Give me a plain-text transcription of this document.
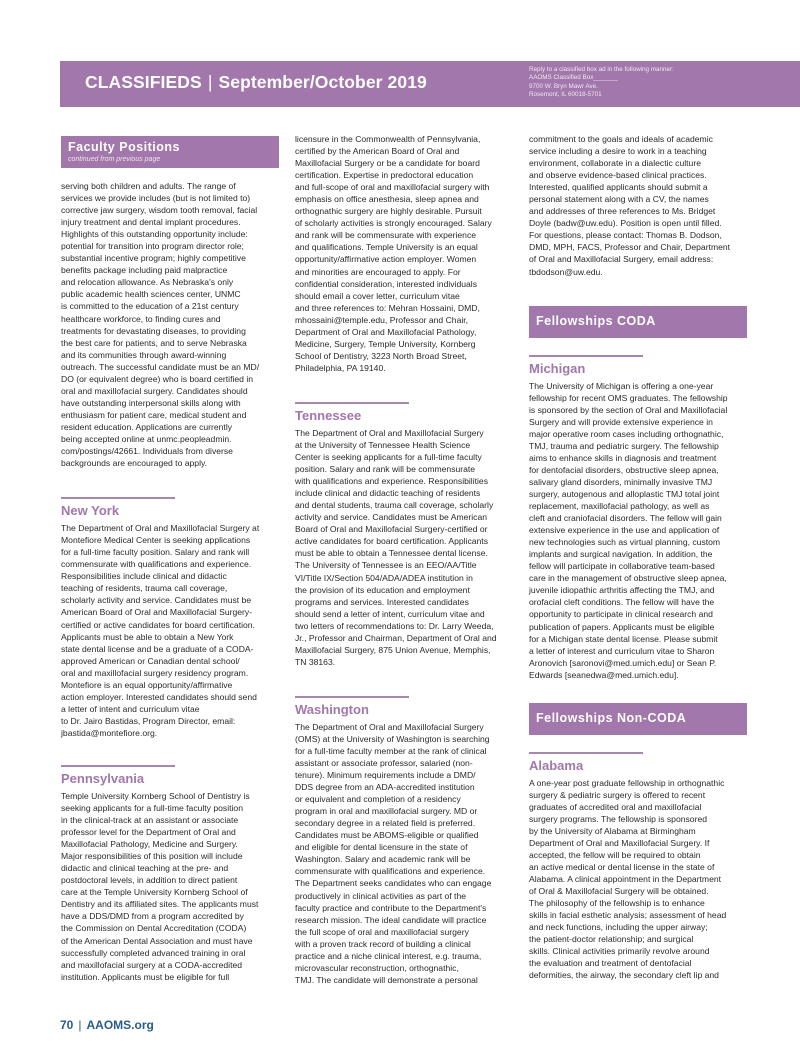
CLASSIFIEDS | September/October 2019
Reply to a classified box ad in the following manner:
AAOMS Classified Box_______
9700 W. Bryn Mawr Ave.
Rosemont, IL 60018-5701
Faculty Positions
continued from previous page

serving both children and adults. The range of
services we provide includes (but is not limited to)
corrective jaw surgery, wisdom tooth removal, facial
injury treatment and dental implant procedures.
Highlights of this outstanding opportunity include:
potential for transition into program director role;
substantial incentive program; highly competitive
benefits package including paid malpractice
and relocation allowance. As Nebraska's only
public academic health sciences center, UNMC
is committed to the education of a 21st century
healthcare workforce, to finding cures and
treatments for devastating diseases, to providing
the best care for patients, and to serve Nebraska
and its communities through award-winning
outreach. The successful candidate must be an MD/
DO (or equivalent degree) who is board certified in
oral and maxillofacial surgery. Candidates should
have outstanding interpersonal skills along with
enthusiasm for patient care, medical student and
resident education. Applications are currently
being accepted online at unmc.peopleadmin.
com/postings/42661. Individuals from diverse
backgrounds are encouraged to apply.

New York

The Department of Oral and Maxillofacial Surgery at
Montefiore Medical Center is seeking applications
for a full-time faculty position. Salary and rank will
commensurate with qualifications and experience.
Responsibilities include clinical and didactic
teaching of residents, trauma call coverage,
scholarly activity and service. Candidates must be
American Board of Oral and Maxillofacial Surgery-
certified or active candidates for board certification.
Applicants must be able to obtain a New York
state dental license and be a graduate of a CODA-
approved American or Canadian dental school/
oral and maxillofacial surgery residency program.
Montefiore is an equal opportunity/affirmative
action employer. Interested candidates should send
a letter of intent and curriculum vitae
to Dr. Jairo Bastidas, Program Director, email:
jbastida@montefiore.org.

Pennsylvania

Temple University Kornberg School of Dentistry is
seeking applicants for a full-time faculty position
in the clinical-track at an assistant or associate
professor level for the Department of Oral and
Maxillofacial Pathology, Medicine and Surgery.
Major responsibilities of this position will include
didactic and clinical teaching at the pre- and
postdoctoral levels, in addition to direct patient
care at the Temple University Kornberg School of
Dentistry and its affiliated sites. The applicants must
have a DDS/DMD from a program accredited by
the Commission on Dental Accreditation (CODA)
of the American Dental Association and must have
successfully completed advanced training in oral
and maxillofacial surgery at a CODA-accredited
institution. Applicants must be eligible for full

licensure in the Commonwealth of Pennsylvania,
certified by the American Board of Oral and
Maxillofacial Surgery or be a candidate for board
certification. Expertise in predoctoral education
and full-scope of oral and maxillofacial surgery with
emphasis on office anesthesia, sleep apnea and
orthognathic surgery are highly desirable. Pursuit
of scholarly activities is strongly encouraged. Salary
and rank will be commensurate with experience
and qualifications. Temple University is an equal
opportunity/affirmative action employer. Women
and minorities are encouraged to apply. For
confidential consideration, interested individuals
should email a cover letter, curriculum vitae
and three references to: Mehran Hossaini, DMD,
mhossaini@temple.edu, Professor and Chair,
Department of Oral and Maxillofacial Pathology,
Medicine, Surgery, Temple University, Kornberg
School of Dentistry, 3223 North Broad Street,
Philadelphia, PA 19140.

Tennessee

The Department of Oral and Maxillofacial Surgery
at the University of Tennessee Health Science
Center is seeking applicants for a full-time faculty
position. Salary and rank will be commensurate
with qualifications and experience. Responsibilities
include clinical and didactic teaching of residents
and dental students, trauma call coverage, scholarly
activity and service. Candidates must be American
Board of Oral and Maxillofacial Surgery-certified or
active candidates for board certification. Applicants
must be able to obtain a Tennessee dental license.
The University of Tennessee is an EEO/AA/Title
VI/Title IX/Section 504/ADA/ADEA institution in
the provision of its education and employment
programs and services. Interested candidates
should send a letter of intent, curriculum vitae and
two letters of recommendations to: Dr. Larry Weeda,
Jr., Professor and Chairman, Department of Oral and
Maxillofacial Surgery, 875 Union Avenue, Memphis,
TN 38163.

Washington

The Department of Oral and Maxillofacial Surgery
(OMS) at the University of Washington is searching
for a full-time faculty member at the rank of clinical
assistant or associate professor, salaried (non-
tenure). Minimum requirements include a DMD/
DDS degree from an ADA-accredited institution
or equivalent and completion of a residency
program in oral and maxillofacial surgery. MD or
secondary degree in a related field is preferred.
Candidates must be ABOMS-eligible or qualified
and eligible for dental licensure in the state of
Washington. Salary and academic rank will be
commensurate with qualifications and experience.
The Department seeks candidates who can engage
productively in clinical activities as part of the
faculty practice and contribute to the Department's
research mission. The ideal candidate will practice
the full scope of oral and maxillofacial surgery
with a proven track record of building a clinical
practice and a niche clinical interest, e.g. trauma,
microvascular reconstruction, orthognathic,
TMJ. The candidate will demonstrate a personal

commitment to the goals and ideals of academic
service including a desire to work in a teaching
environment, collaborate in a dialectic culture
and observe evidence-based clinical practices.
Interested, qualified applicants should submit a
personal statement along with a CV, the names
and addresses of three references to Ms. Bridget
Doyle (badw@uw.edu). Position is open until filled.
For questions, please contact: Thomas B. Dodson,
DMD, MPH, FACS, Professor and Chair, Department
of Oral and Maxillofacial Surgery, email address:
tbdodson@uw.edu.

Fellowships CODA
Michigan

The University of Michigan is offering a one-year
fellowship for recent OMS graduates. The fellowship
is sponsored by the section of Oral and Maxillofacial
Surgery and will provide extensive experience in
major operative room cases including orthognathic,
TMJ, trauma and pediatric surgery. The fellowship
aims to enhance skills in diagnosis and treatment
for dentofacial disorders, obstructive sleep apnea,
salivary gland disorders, minimally invasive TMJ
surgery, autogenous and alloplastic TMJ total joint
replacement, maxillofacial pathology, as well as
cleft and craniofacial disorders. The fellow will gain
extensive experience in the use and application of
new technologies such as virtual planning, custom
implants and surgical navigation. In addition, the
fellow will participate in collaborative team-based
care in the management of obstructive sleep apnea,
juvenile idiopathic arthritis affecting the TMJ, and
orofacial cleft conditions. The fellow will have the
opportunity to participate in clinical research and
publication of papers. Applicants must be eligible
for a Michigan state dental license. Please submit
a letter of interest and curriculum vitae to Sharon
Aronovich [saronovi@med.umich.edu] or Sean P.
Edwards [seanedwa@med.umich.edu].

Fellowships Non-CODA
Alabama

A one-year post graduate fellowship in orthognathic
surgery & pediatric surgery is offered to recent
graduates of accredited oral and maxillofacial
surgery programs. The fellowship is sponsored
by the University of Alabama at Birmingham
Department of Oral and Maxillofacial Surgery. If
accepted, the fellow will be required to obtain
an active medical or dental license in the state of
Alabama. A clinical appointment in the Department
of Oral & Maxillofacial Surgery will be obtained.
The philosophy of the fellowship is to enhance
skills in facial esthetic analysis; assessment of head
and neck functions, including the upper airway;
the patient-doctor relationship; and surgical
skills. Clinical activities primarily revolve around
the evaluation and treatment of dentofacial
deformities, the airway, the secondary cleft lip and

70 | AAOMS.org
